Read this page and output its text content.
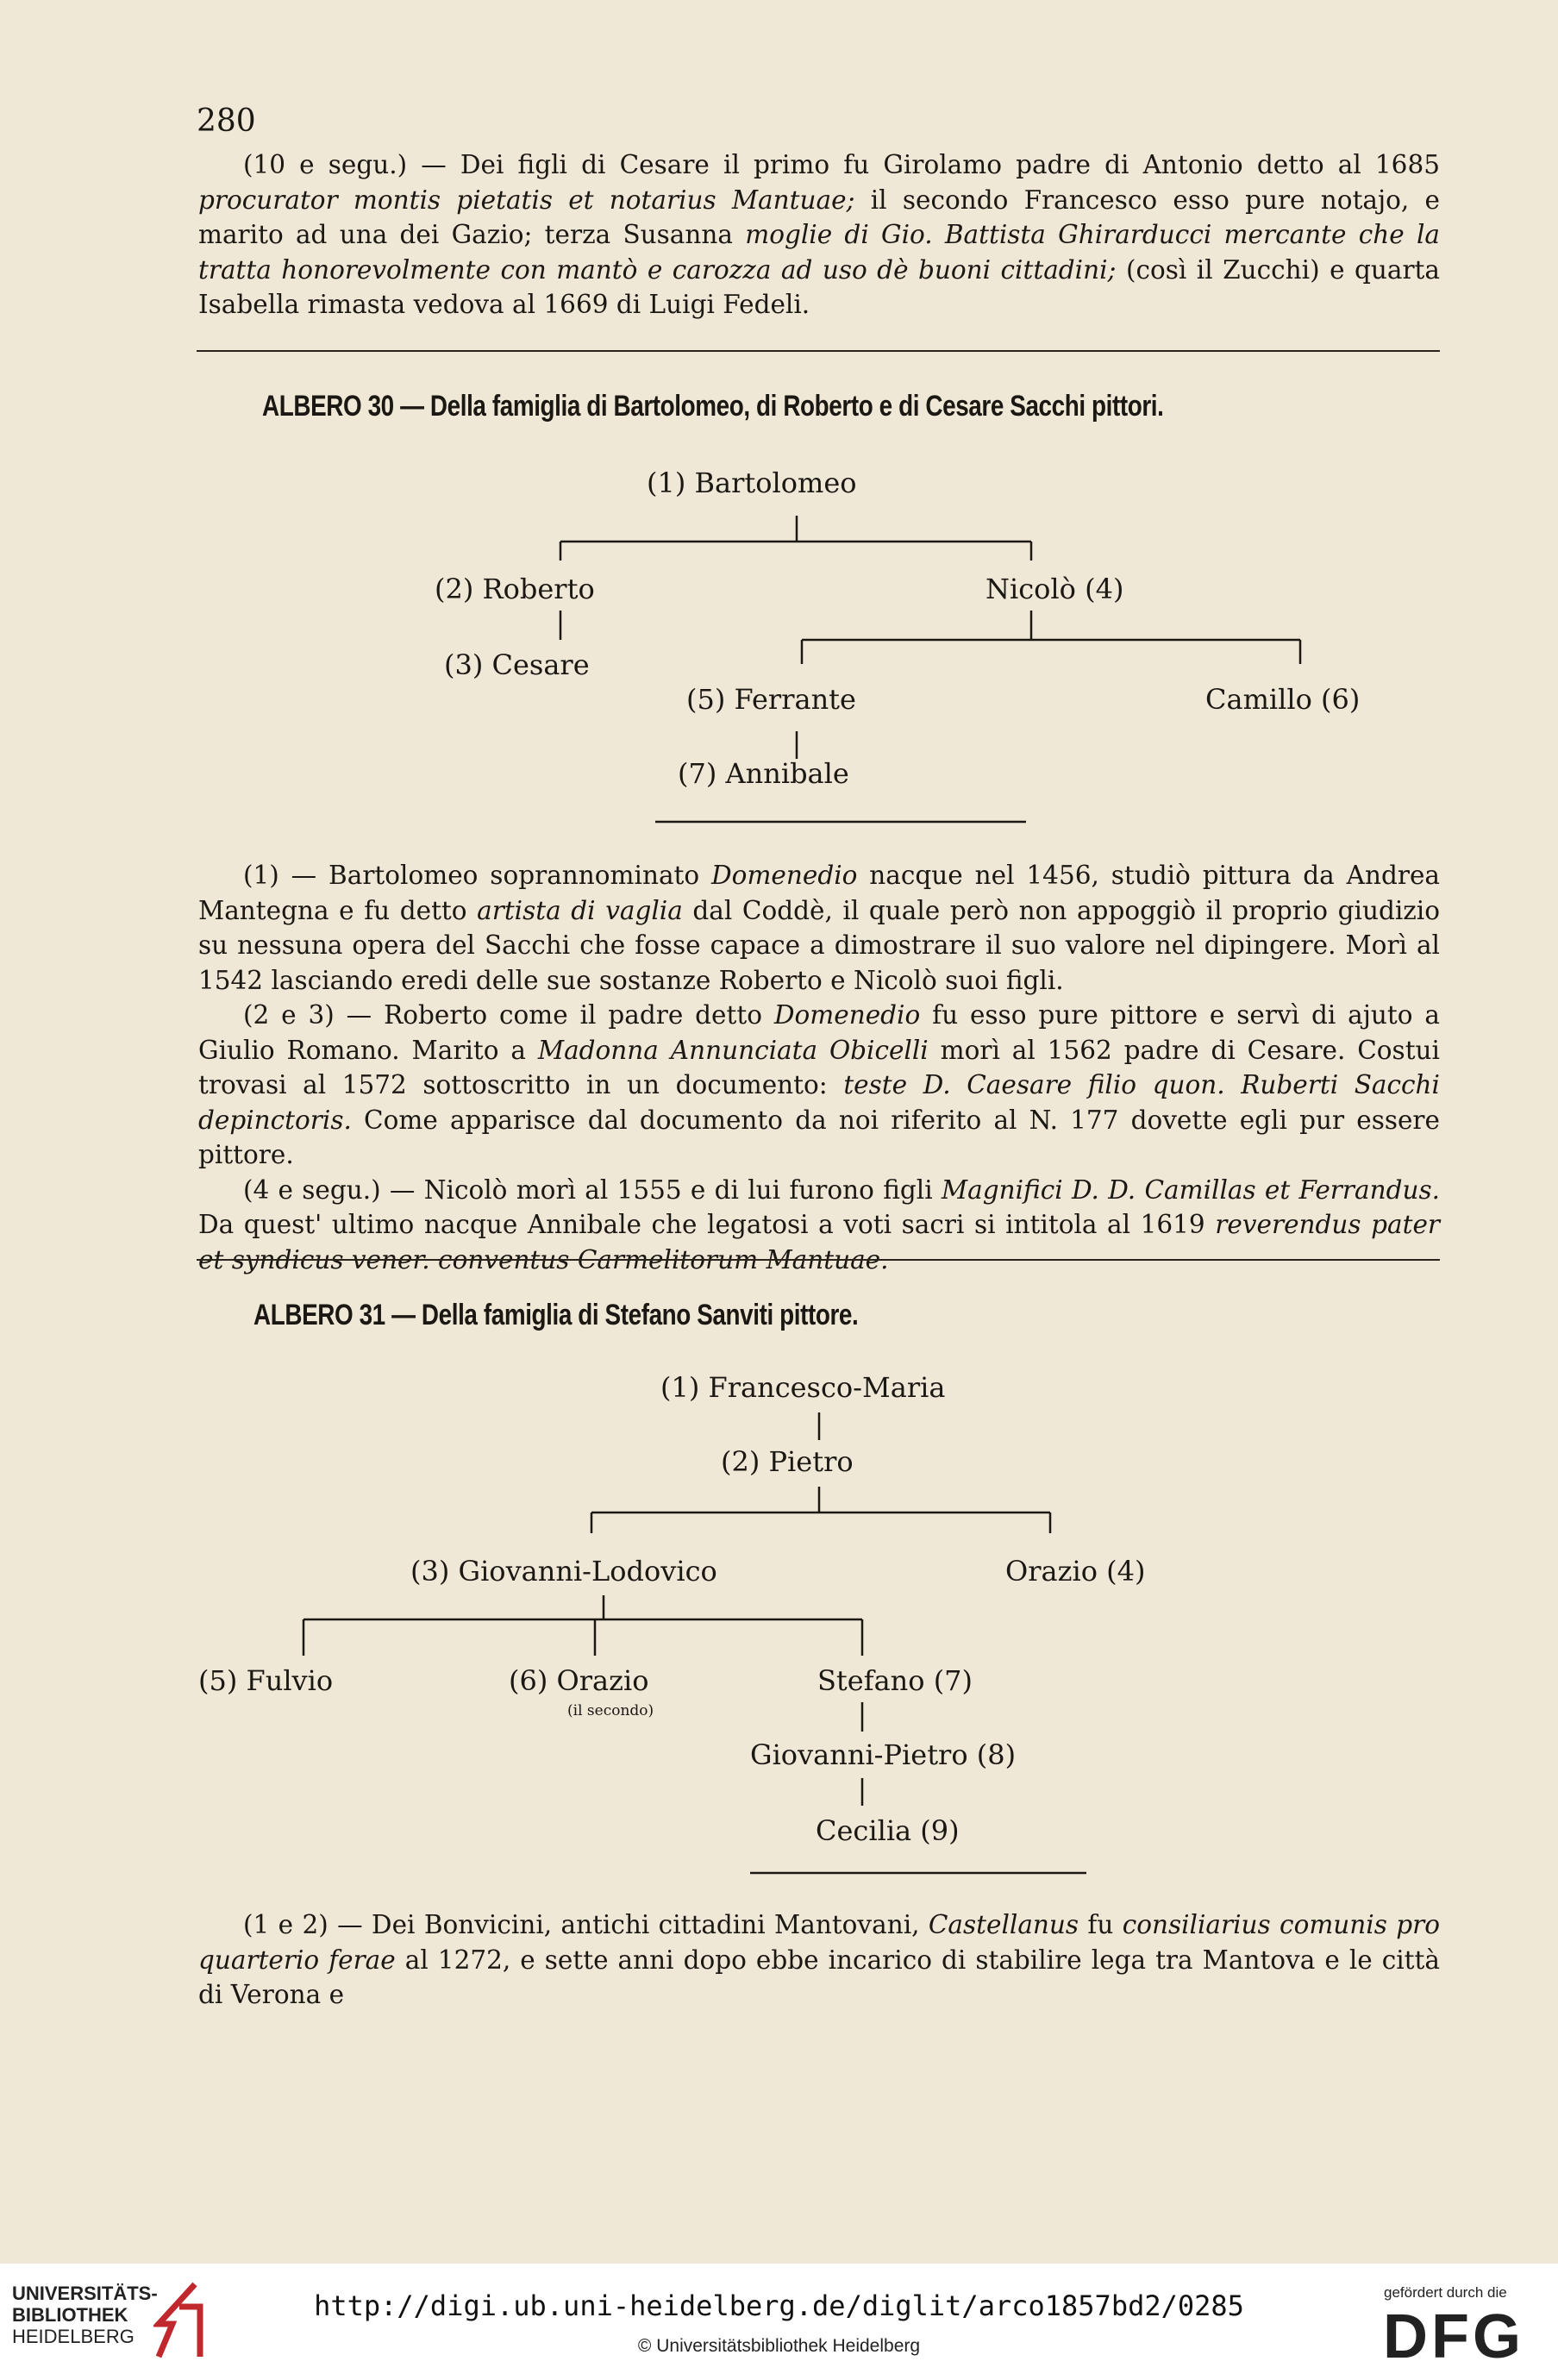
280

(10 e segu.) — Dei figli di Cesare il primo fu Girolamo padre di Antonio detto al 1685 procurator montis pietatis et notarius Mantuae; il secondo Francesco esso pure notajo, e marito ad una dei Gazio; terza Susanna moglie di Gio. Battista Ghirarducci mercante che la tratta honorevolmente con mantò e carozza ad uso dè buoni cittadini; (così il Zucchi) e quarta Isabella rimasta vedova al 1669 di Luigi Fedeli.

ALBERO 30 — Della famiglia di Bartolomeo, di Roberto e di Cesare Sacchi pittori.
(1) Bartolomeo
(2) Roberto	Nicolò (4)
(3) Cesare
(5) Ferrante	Camillo (6)
(7) Annibale

(1) — Bartolomeo soprannominato Domenedio nacque nel 1456, studiò pittura da Andrea Mantegna e fu detto artista di vaglia dal Coddè, il quale però non appoggiò il proprio giudizio su nessuna opera del Sacchi che fosse capace a dimostrare il suo valore nel dipingere. Morì al 1542 lasciando eredi delle sue sostanze Roberto e Nicolò suoi figli.

(2 e 3) — Roberto come il padre detto Domenedio fu esso pure pittore e servì di ajuto a Giulio Romano. Marito a Madonna Annunciata Obicelli morì al 1562 padre di Cesare. Costui trovasi al 1572 sottoscritto in un documento: teste D. Caesare filio quon. Ruberti Sacchi depinctoris. Come apparisce dal documento da noi riferito al N. 177 dovette egli pur essere pittore.

(4 e segu.) — Nicolò morì al 1555 e di lui furono figli Magnifici D. D. Camillas et Ferrandus. Da quest' ultimo nacque Annibale che legatosi a voti sacri si intitola al 1619 reverendus pater et syndicus vener. conventus Carmelitorum Mantuae.

ALBERO 31 — Della famiglia di Stefano Sanviti pittore.
(1) Francesco-Maria
(2) Pietro
(3) Giovanni-Lodovico	Orazio (4)
(5) Fulvio	(6) Orazio
(il secondo)
Stefano (7)
Giovanni-Pietro (8)
Cecilia (9)

(1 e 2) — Dei Bonvicini, antichi cittadini Mantovani, Castellanus fu consiliarius comunis pro quarterio ferae al 1272, e sette anni dopo ebbe incarico di stabilire lega tra Mantova e le città di Verona e

UNIVERSITÄTS-
BIBLIOTHEK
HEIDELBERG
http://digi.ub.uni-heidelberg.de/diglit/arco1857bd2/0285
© Universitätsbibliothek Heidelberg
gefördert durch die
DFG
